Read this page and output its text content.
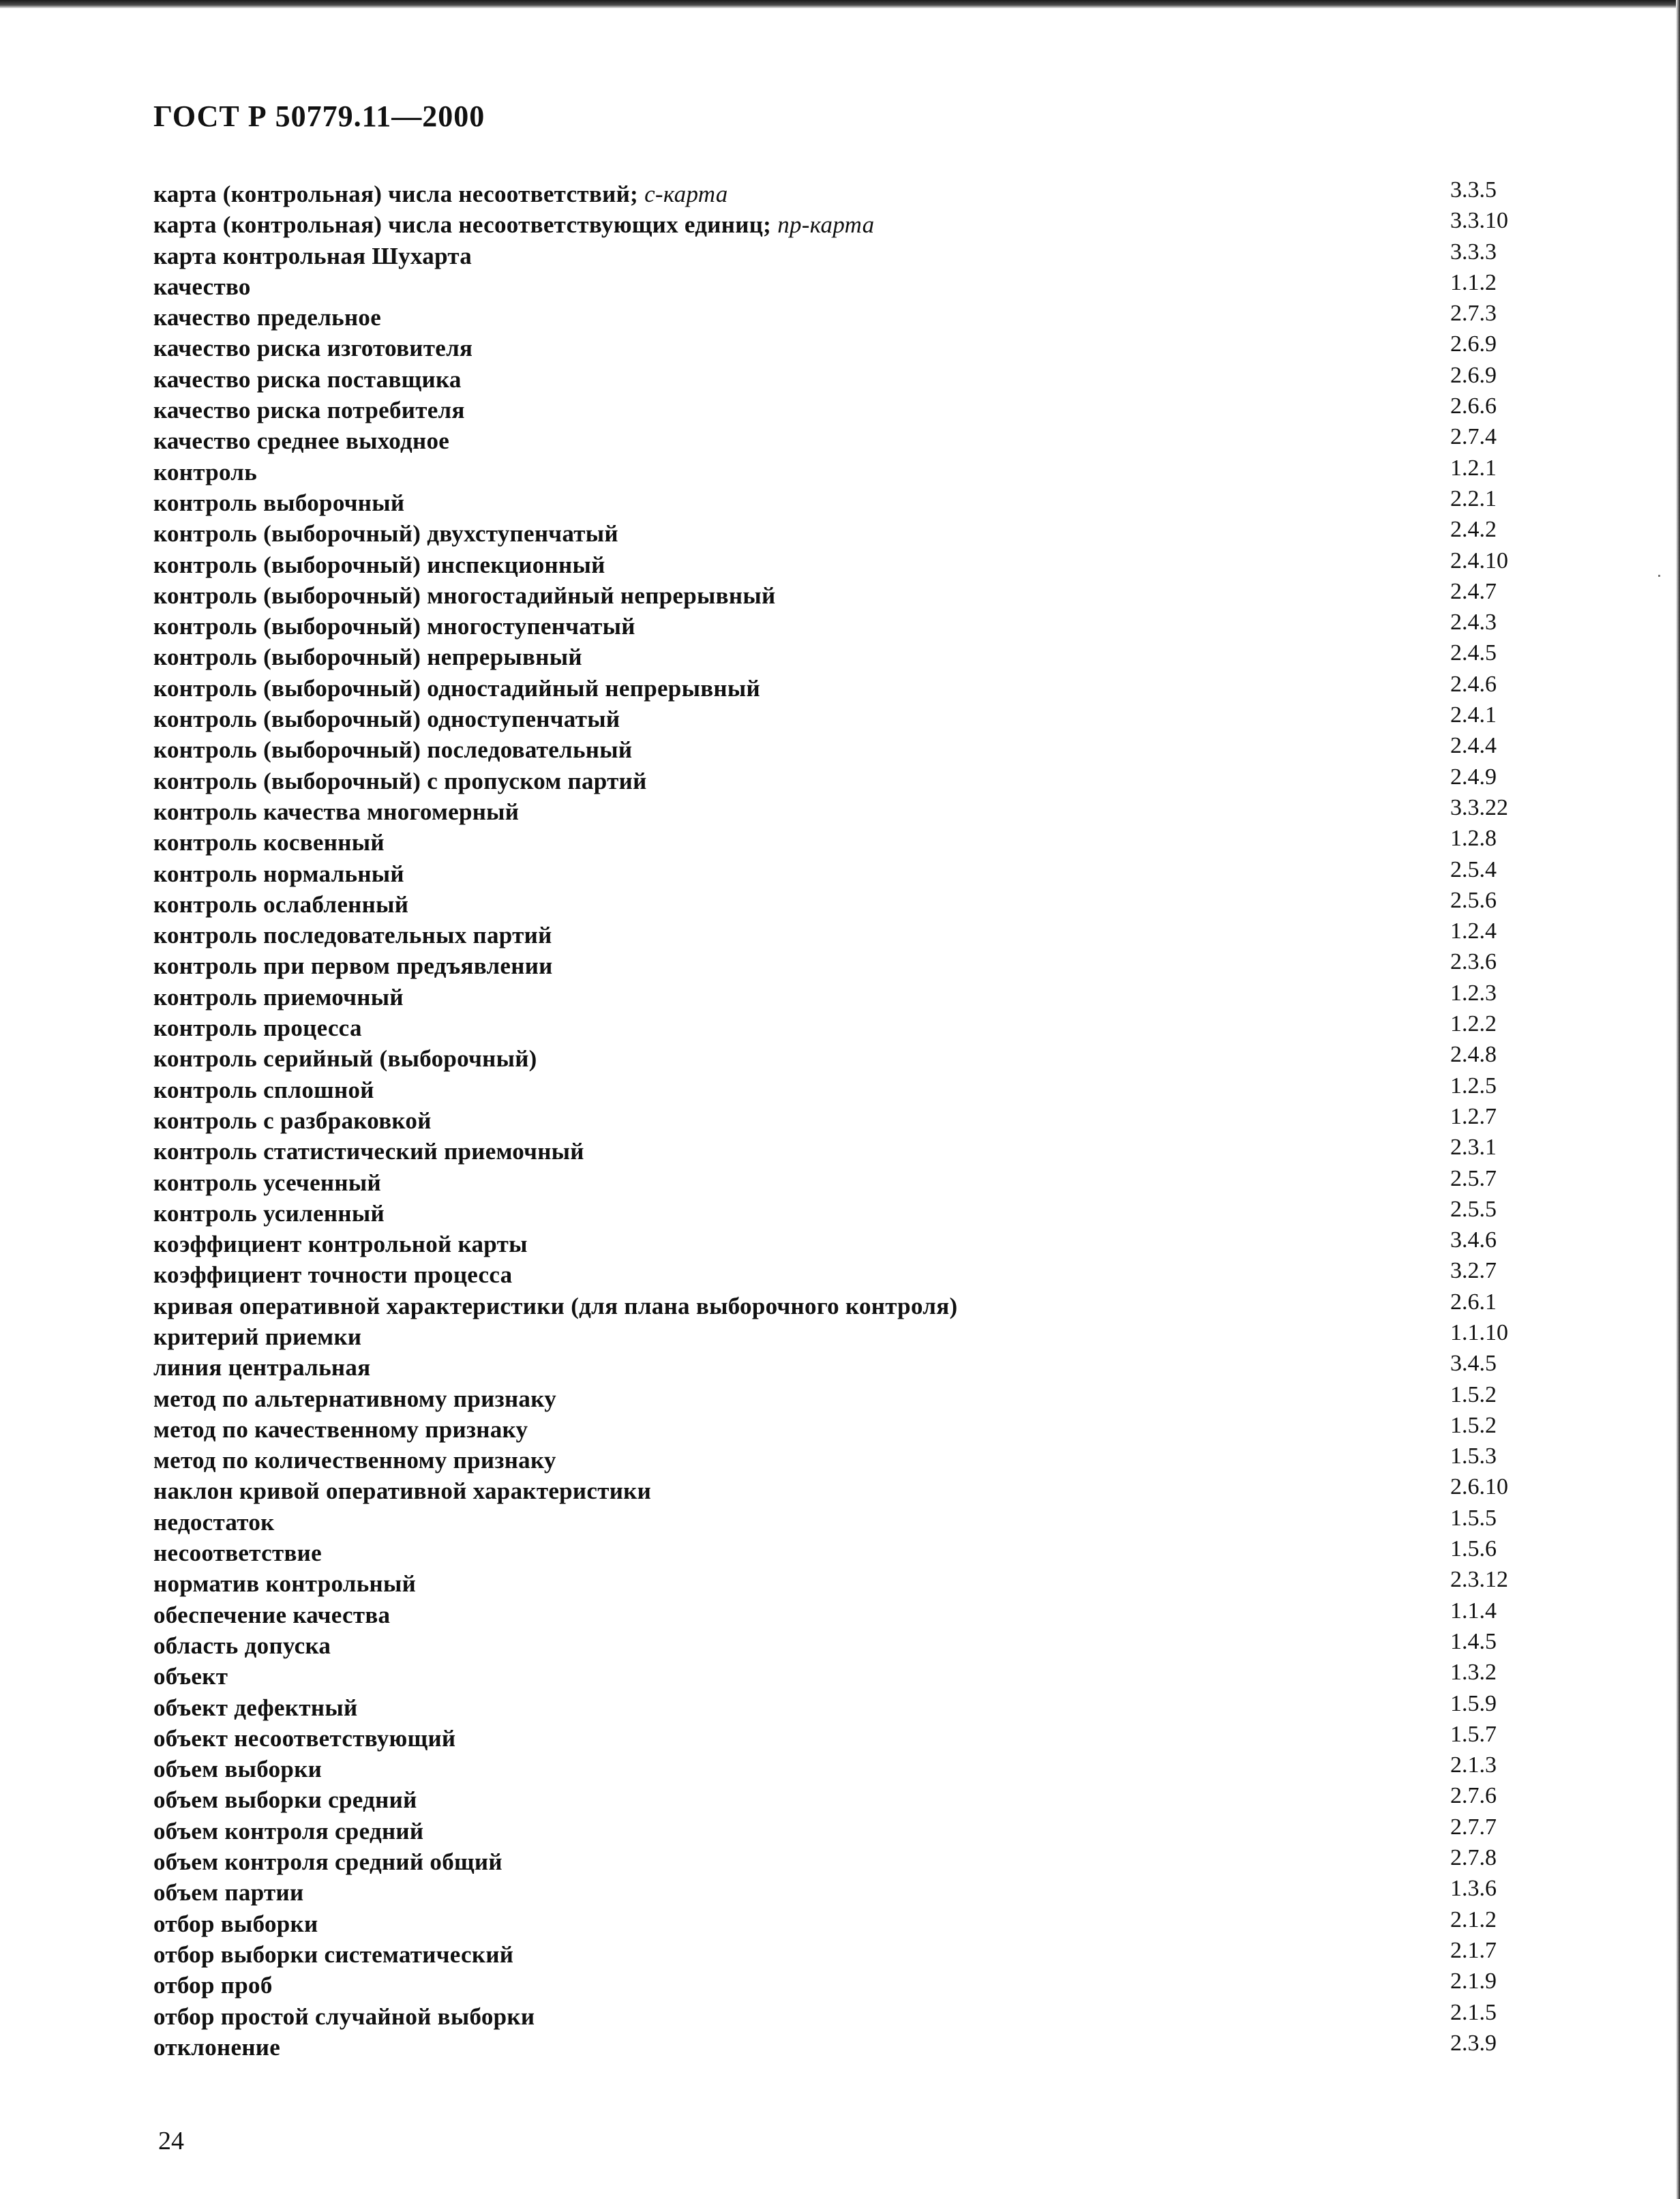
ГОСТ Р 50779.11—2000
карта (контрольная) числа несоответствий; с-карта	3.3.5
карта (контрольная) числа несоответствующих единиц; np-карта	3.3.10
карта контрольная Шухарта	3.3.3
качество	1.1.2
качество предельное	2.7.3
качество риска изготовителя	2.6.9
качество риска поставщика	2.6.9
качество риска потребителя	2.6.6
качество среднее выходное	2.7.4
контроль	1.2.1
контроль выборочный	2.2.1
контроль (выборочный) двухступенчатый	2.4.2
контроль (выборочный) инспекционный	2.4.10
контроль (выборочный) многостадийный непрерывный	2.4.7
контроль (выборочный) многоступенчатый	2.4.3
контроль (выборочный) непрерывный	2.4.5
контроль (выборочный) одностадийный непрерывный	2.4.6
контроль (выборочный) одноступенчатый	2.4.1
контроль (выборочный) последовательный	2.4.4
контроль (выборочный) с пропуском партий	2.4.9
контроль качества многомерный	3.3.22
контроль косвенный	1.2.8
контроль нормальный	2.5.4
контроль ослабленный	2.5.6
контроль последовательных партий	1.2.4
контроль при первом предъявлении	2.3.6
контроль приемочный	1.2.3
контроль процесса	1.2.2
контроль серийный (выборочный)	2.4.8
контроль сплошной	1.2.5
контроль с разбраковкой	1.2.7
контроль статистический приемочный	2.3.1
контроль усеченный	2.5.7
контроль усиленный	2.5.5
коэффициент контрольной карты	3.4.6
коэффициент точности процесса	3.2.7
кривая оперативной характеристики (для плана выборочного контроля)	2.6.1
критерий приемки	1.1.10
линия центральная	3.4.5
метод по альтернативному признаку	1.5.2
метод по качественному признаку	1.5.2
метод по количественному признаку	1.5.3
наклон кривой оперативной характеристики	2.6.10
недостаток	1.5.5
несоответствие	1.5.6
норматив контрольный	2.3.12
обеспечение качества	1.1.4
область допуска	1.4.5
объект	1.3.2
объект дефектный	1.5.9
объект несоответствующий	1.5.7
объем выборки	2.1.3
объем выборки средний	2.7.6
объем контроля средний	2.7.7
объем контроля средний общий	2.7.8
объем партии	1.3.6
отбор выборки	2.1.2
отбор выборки систематический	2.1.7
отбор проб	2.1.9
отбор простой случайной выборки	2.1.5
отклонение	2.3.9
24
